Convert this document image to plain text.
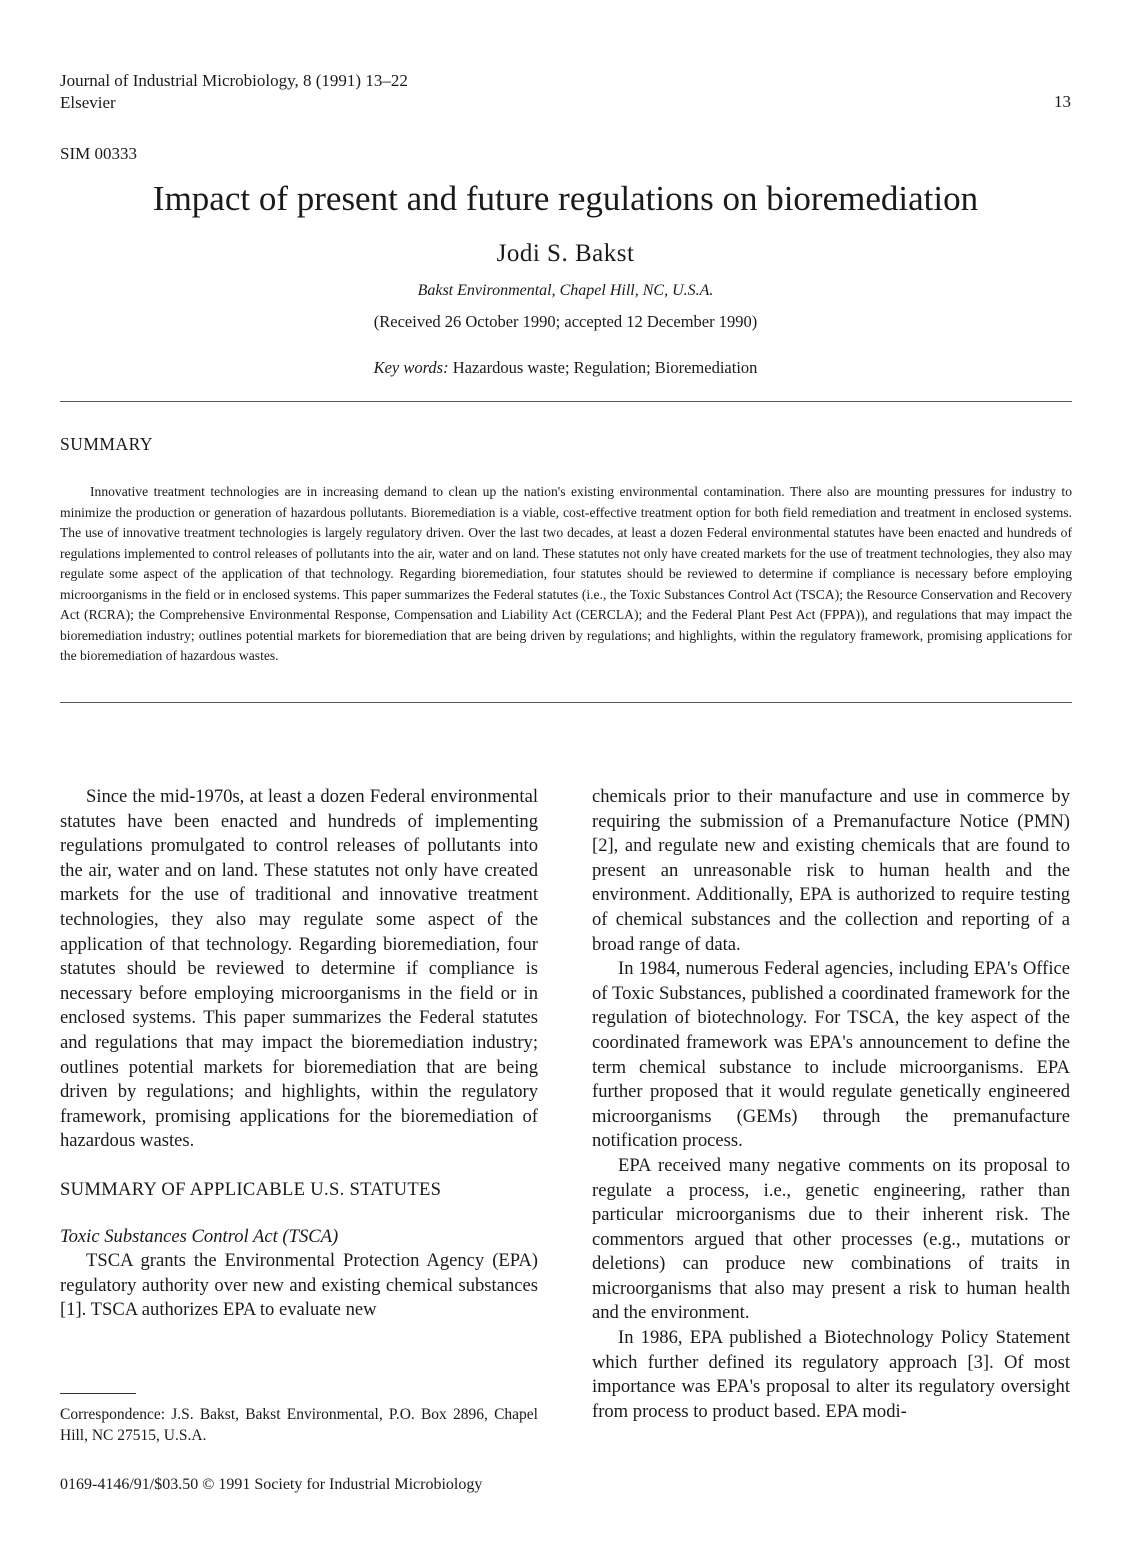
Journal of Industrial Microbiology, 8 (1991) 13–22
Elsevier	13
SIM 00333
Impact of present and future regulations on bioremediation
Jodi S. Bakst
Bakst Environmental, Chapel Hill, NC, U.S.A.
(Received 26 October 1990; accepted 12 December 1990)
Key words: Hazardous waste; Regulation; Bioremediation
SUMMARY
Innovative treatment technologies are in increasing demand to clean up the nation's existing environmental contamination. There also are mounting pressures for industry to minimize the production or generation of hazardous pollutants. Bioremediation is a viable, cost-effective treatment option for both field remediation and treatment in enclosed systems. The use of innovative treatment technologies is largely regulatory driven. Over the last two decades, at least a dozen Federal environmental statutes have been enacted and hundreds of regulations implemented to control releases of pollutants into the air, water and on land. These statutes not only have created markets for the use of treatment technologies, they also may regulate some aspect of the application of that technology. Regarding bioremediation, four statutes should be reviewed to determine if compliance is necessary before employing microorganisms in the field or in enclosed systems. This paper summarizes the Federal statutes (i.e., the Toxic Substances Control Act (TSCA); the Resource Conservation and Recovery Act (RCRA); the Comprehensive Environmental Response, Compensation and Liability Act (CERCLA); and the Federal Plant Pest Act (FPPA)), and regulations that may impact the bioremediation industry; outlines potential markets for bioremediation that are being driven by regulations; and highlights, within the regulatory framework, promising applications for the bioremediation of hazardous wastes.

Since the mid-1970s, at least a dozen Federal environmental statutes have been enacted and hundreds of implementing regulations promulgated to control releases of pollutants into the air, water and on land. These statutes not only have created markets for the use of traditional and innovative treatment technologies, they also may regulate some aspect of the application of that technology. Regarding bioremediation, four statutes should be reviewed to determine if compliance is necessary before employing microorganisms in the field or in enclosed systems. This paper summarizes the Federal statutes and regulations that may impact the bioremediation industry; outlines potential markets for bioremediation that are being driven by regulations; and highlights, within the regulatory framework, promising applications for the bioremediation of hazardous wastes.

SUMMARY OF APPLICABLE U.S. STATUTES

Toxic Substances Control Act (TSCA)

TSCA grants the Environmental Protection Agency (EPA) regulatory authority over new and existing chemical substances [1]. TSCA authorizes EPA to evaluate new

chemicals prior to their manufacture and use in commerce by requiring the submission of a Premanufacture Notice (PMN) [2], and regulate new and existing chemicals that are found to present an unreasonable risk to human health and the environment. Additionally, EPA is authorized to require testing of chemical substances and the collection and reporting of a broad range of data.

In 1984, numerous Federal agencies, including EPA's Office of Toxic Substances, published a coordinated framework for the regulation of biotechnology. For TSCA, the key aspect of the coordinated framework was EPA's announcement to define the term chemical substance to include microorganisms. EPA further proposed that it would regulate genetically engineered microorganisms (GEMs) through the premanufacture notification process.

EPA received many negative comments on its proposal to regulate a process, i.e., genetic engineering, rather than particular microorganisms due to their inherent risk. The commentors argued that other processes (e.g., mutations or deletions) can produce new combinations of traits in microorganisms that also may present a risk to human health and the environment.

In 1986, EPA published a Biotechnology Policy Statement which further defined its regulatory approach [3]. Of most importance was EPA's proposal to alter its regulatory oversight from process to product based. EPA modi-

Correspondence: J.S. Bakst, Bakst Environmental, P.O. Box 2896, Chapel Hill, NC 27515, U.S.A.
0169-4146/91/$03.50 © 1991 Society for Industrial Microbiology
